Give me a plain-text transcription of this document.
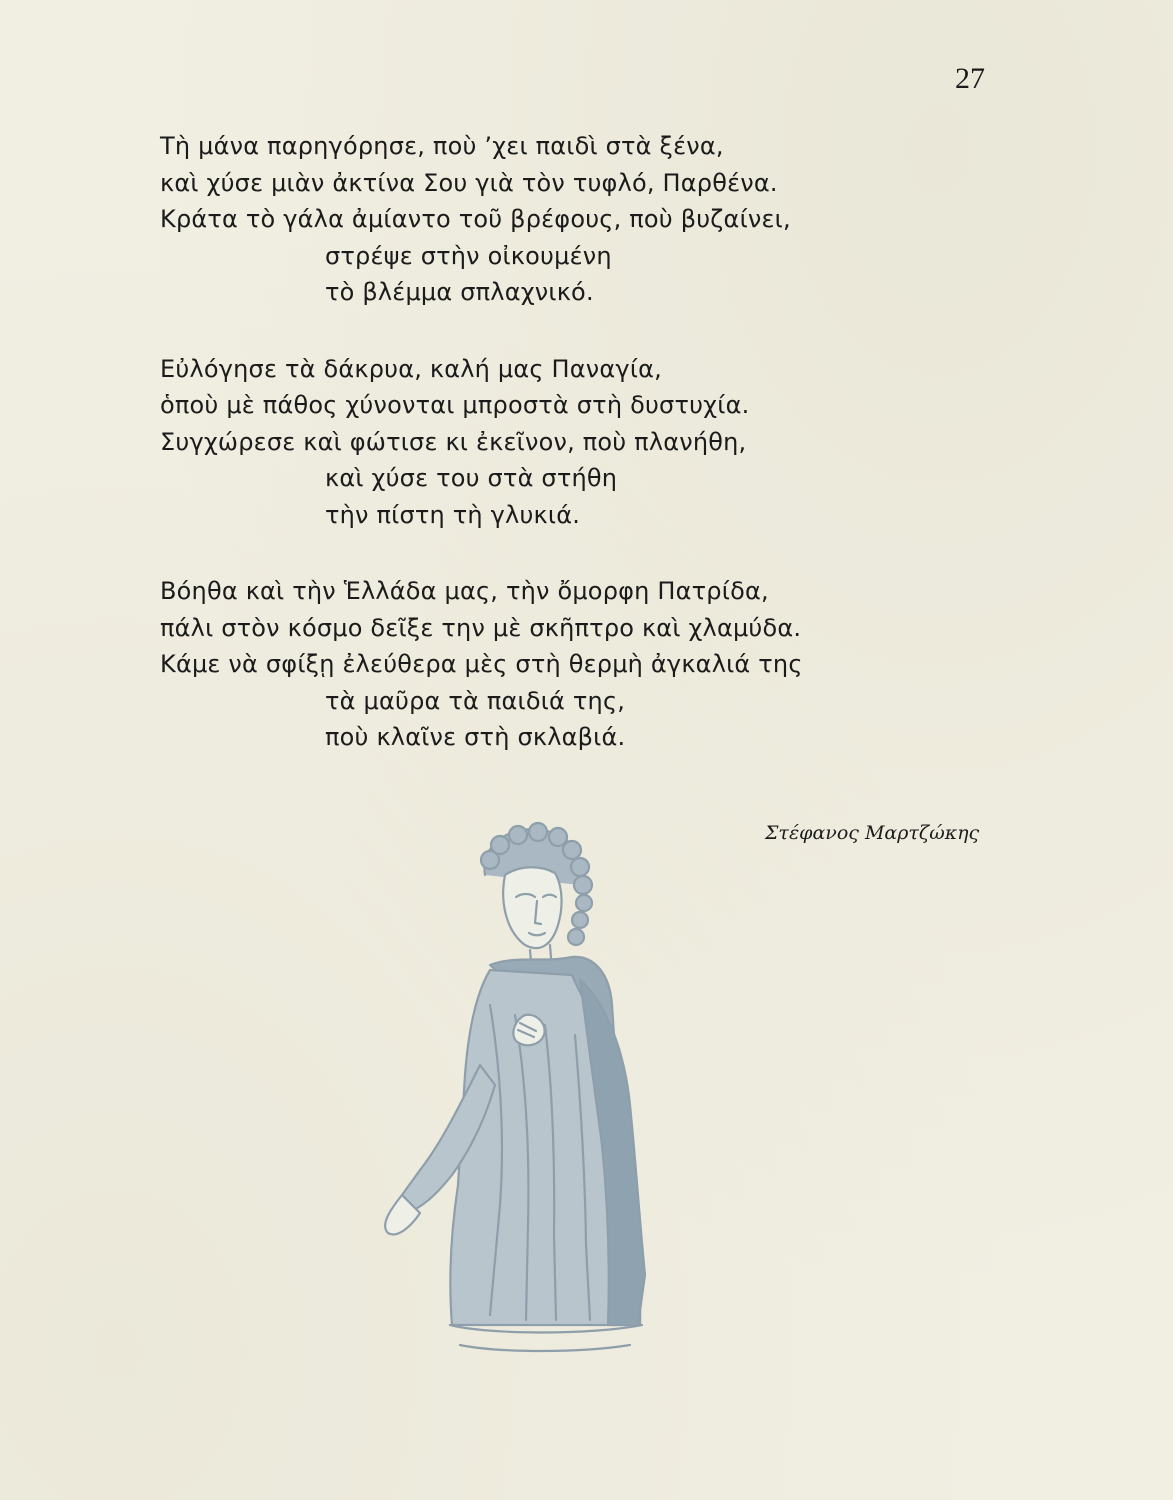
27
Τὴ μάνα παρηγόρησε, ποὺ ’χει παιδὶ στὰ ξένα,
καὶ χύσε μιὰν ἀκτίνα Σου γιὰ τὸν τυφλό, Παρθένα.
Κράτα τὸ γάλα ἀμίαντο τοῦ βρέφους, ποὺ βυζαίνει,
στρέψε στὴν οἰκουμένη
τὸ βλέμμα σπλαχνικό.
Εὐλόγησε τὰ δάκρυα, καλή μας Παναγία,
ὁποὺ μὲ πάθος χύνονται μπροστὰ στὴ δυστυχία.
Συγχώρεσε καὶ φώτισε κι ἐκεῖνον, ποὺ πλανήθη,
καὶ χύσε του στὰ στήθη
τὴν πίστη τὴ γλυκιά.
Βόηθα καὶ τὴν Ἑλλάδα μας, τὴν ὄμορφη Πατρίδα,
πάλι στὸν κόσμο δεῖξε την μὲ σκῆπτρο καὶ χλαμύδα.
Κάμε νὰ σφίξῃ ἐλεύθερα μὲς στὴ θερμὴ ἀγκαλιά της
τὰ μαῦρα τὰ παιδιά της,
ποὺ κλαῖνε στὴ σκλαβιά.
Στέφανος Μαρτζώκης
